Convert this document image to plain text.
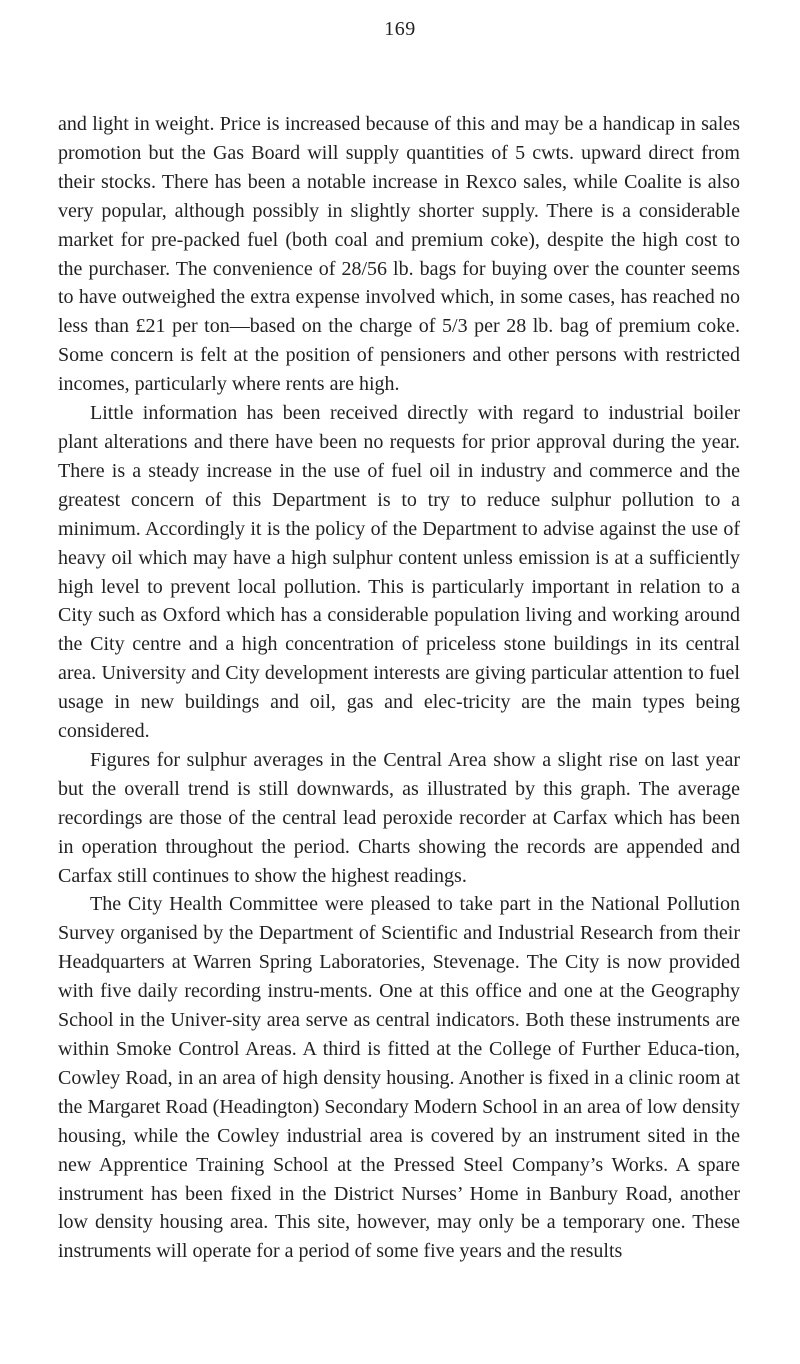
169

and light in weight. Price is increased because of this and may be a handicap in sales promotion but the Gas Board will supply quantities of 5 cwts. upward direct from their stocks. There has been a notable increase in Rexco sales, while Coalite is also very popular, although possibly in slightly shorter supply. There is a considerable market for pre-packed fuel (both coal and premium coke), despite the high cost to the purchaser. The convenience of 28/56 lb. bags for buying over the counter seems to have outweighed the extra expense involved which, in some cases, has reached no less than £21 per ton—based on the charge of 5/3 per 28 lb. bag of premium coke. Some concern is felt at the position of pensioners and other persons with restricted incomes, particularly where rents are high.

Little information has been received directly with regard to industrial boiler plant alterations and there have been no requests for prior approval during the year. There is a steady increase in the use of fuel oil in industry and commerce and the greatest concern of this Department is to try to reduce sulphur pollution to a minimum. Accordingly it is the policy of the Department to advise against the use of heavy oil which may have a high sulphur content unless emission is at a sufficiently high level to prevent local pollution. This is particularly important in relation to a City such as Oxford which has a considerable population living and working around the City centre and a high concentration of priceless stone buildings in its central area. University and City development interests are giving particular attention to fuel usage in new buildings and oil, gas and elec-tricity are the main types being considered.

Figures for sulphur averages in the Central Area show a slight rise on last year but the overall trend is still downwards, as illustrated by this graph. The average recordings are those of the central lead peroxide recorder at Carfax which has been in operation throughout the period. Charts showing the records are appended and Carfax still continues to show the highest readings.

The City Health Committee were pleased to take part in the National Pollution Survey organised by the Department of Scientific and Industrial Research from their Headquarters at Warren Spring Laboratories, Stevenage. The City is now provided with five daily recording instru-ments. One at this office and one at the Geography School in the Univer-sity area serve as central indicators. Both these instruments are within Smoke Control Areas. A third is fitted at the College of Further Educa-tion, Cowley Road, in an area of high density housing. Another is fixed in a clinic room at the Margaret Road (Headington) Secondary Modern School in an area of low density housing, while the Cowley industrial area is covered by an instrument sited in the new Apprentice Training School at the Pressed Steel Company’s Works. A spare instrument has been fixed in the District Nurses’ Home in Banbury Road, another low density housing area. This site, however, may only be a temporary one. These instruments will operate for a period of some five years and the results
